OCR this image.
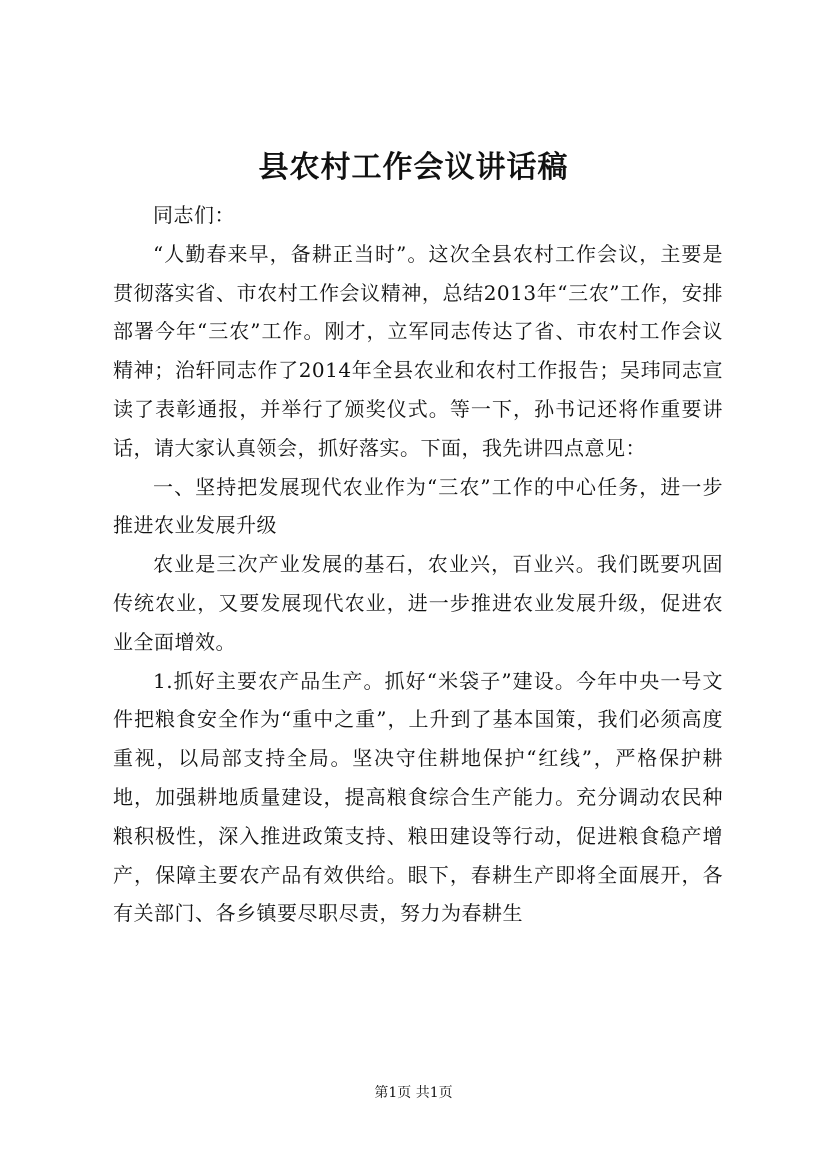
县农村工作会议讲话稿

同志们：

“人勤春来早，备耕正当时”。这次全县农村工作会议，主要是贯彻落实省、市农村工作会议精神，总结2013年“三农”工作，安排部署今年“三农”工作。刚才，立军同志传达了省、市农村工作会议精神；治轩同志作了2014年全县农业和农村工作报告；吴玮同志宣读了表彰通报，并举行了颁奖仪式。等一下，孙书记还将作重要讲话，请大家认真领会，抓好落实。下面，我先讲四点意见：

一、坚持把发展现代农业作为“三农”工作的中心任务，进一步推进农业发展升级

农业是三次产业发展的基石，农业兴，百业兴。我们既要巩固传统农业，又要发展现代农业，进一步推进农业发展升级，促进农业全面增效。

1.抓好主要农产品生产。抓好“米袋子”建设。今年中央一号文件把粮食安全作为“重中之重”，上升到了基本国策，我们必须高度重视，以局部支持全局。坚决守住耕地保护“红线”，严格保护耕地，加强耕地质量建设，提高粮食综合生产能力。充分调动农民种粮积极性，深入推进政策支持、粮田建设等行动，促进粮食稳产增产，保障主要农产品有效供给。眼下，春耕生产即将全面展开，各有关部门、各乡镇要尽职尽责，努力为春耕生

第1页 共1页
